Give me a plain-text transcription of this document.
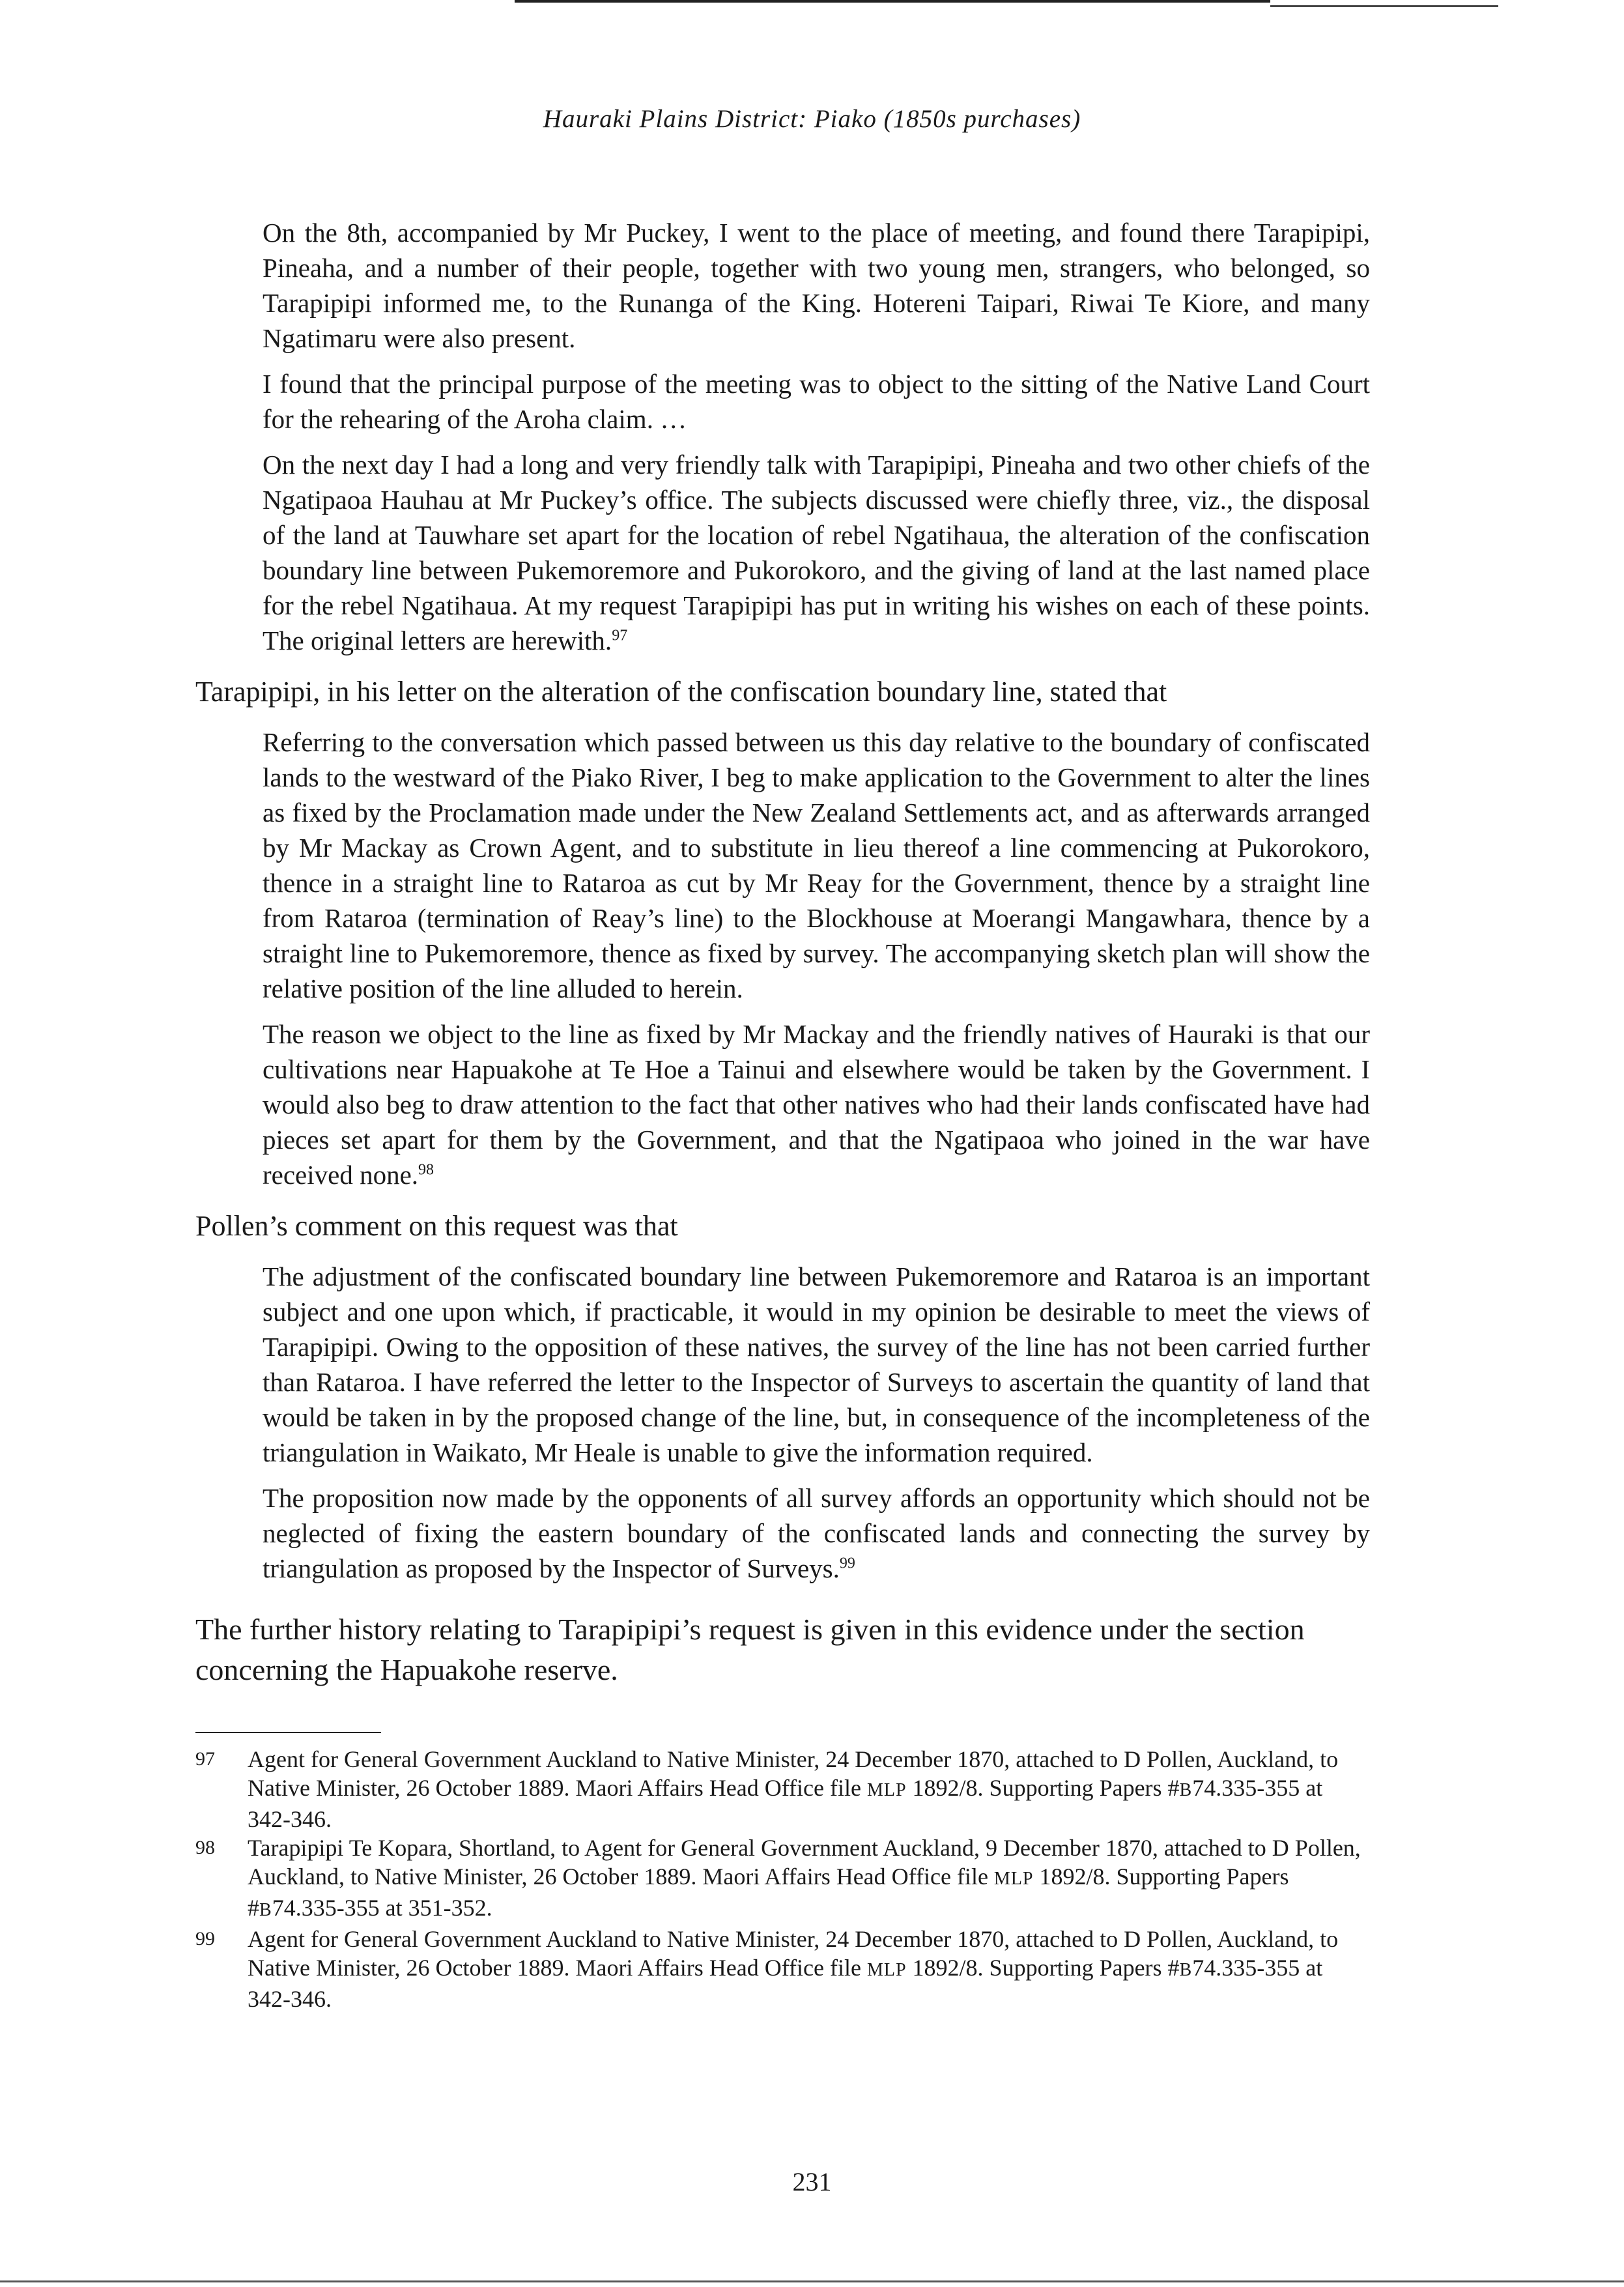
Hauraki Plains District: Piako (1850s purchases)

On the 8th, accompanied by Mr Puckey, I went to the place of meeting, and found there Tarapipipi, Pineaha, and a number of their people, together with two young men, strangers, who belonged, so Tarapipipi informed me, to the Runanga of the King. Hotereni Taipari, Riwai Te Kiore, and many Ngatimaru were also present.

I found that the principal purpose of the meeting was to object to the sitting of the Native Land Court for the rehearing of the Aroha claim. …

On the next day I had a long and very friendly talk with Tarapipipi, Pineaha and two other chiefs of the Ngatipaoa Hauhau at Mr Puckey’s office. The subjects discussed were chiefly three, viz., the disposal of the land at Tauwhare set apart for the location of rebel Ngatihaua, the alteration of the confiscation boundary line between Pukemoremore and Pukorokoro, and the giving of land at the last named place for the rebel Ngatihaua. At my request Tarapipipi has put in writing his wishes on each of these points. The original letters are herewith.$^{97}$

Tarapipipi, in his letter on the alteration of the confiscation boundary line, stated that

Referring to the conversation which passed between us this day relative to the boundary of confiscated lands to the westward of the Piako River, I beg to make application to the Government to alter the lines as fixed by the Proclamation made under the New Zealand Settlements act, and as afterwards arranged by Mr Mackay as Crown Agent, and to substitute in lieu thereof a line commencing at Pukorokoro, thence in a straight line to Rataroa as cut by Mr Reay for the Government, thence by a straight line from Rataroa (termination of Reay’s line) to the Blockhouse at Moerangi Mangawhara, thence by a straight line to Pukemoremore, thence as fixed by survey. The accompanying sketch plan will show the relative position of the line alluded to herein.

The reason we object to the line as fixed by Mr Mackay and the friendly natives of Hauraki is that our cultivations near Hapuakohe at Te Hoe a Tainui and elsewhere would be taken by the Government. I would also beg to draw attention to the fact that other natives who had their lands confiscated have had pieces set apart for them by the Government, and that the Ngatipaoa who joined in the war have received none.$^{98}$

Pollen’s comment on this request was that

The adjustment of the confiscated boundary line between Pukemoremore and Rataroa is an important subject and one upon which, if practicable, it would in my opinion be desirable to meet the views of Tarapipipi. Owing to the opposition of these natives, the survey of the line has not been carried further than Rataroa. I have referred the letter to the Inspector of Surveys to ascertain the quantity of land that would be taken in by the proposed change of the line, but, in consequence of the incompleteness of the triangulation in Waikato, Mr Heale is unable to give the information required.

The proposition now made by the opponents of all survey affords an opportunity which should not be neglected of fixing the eastern boundary of the confiscated lands and connecting the survey by triangulation as proposed by the Inspector of Surveys.$^{99}$

The further history relating to Tarapipipi’s request is given in this evidence under the section concerning the Hapuakohe reserve.
97	Agent for General Government Auckland to Native Minister, 24 December 1870, attached to D Pollen, Auckland, to Native Minister, 26 October 1889. Maori Affairs Head Office file MLP 1892/8. Supporting Papers #B74.335-355 at 342-346.
98	Tarapipipi Te Kopara, Shortland, to Agent for General Government Auckland, 9 December 1870, attached to D Pollen, Auckland, to Native Minister, 26 October 1889. Maori Affairs Head Office file MLP 1892/8. Supporting Papers #B74.335-355 at 351-352.
99	Agent for General Government Auckland to Native Minister, 24 December 1870, attached to D Pollen, Auckland, to Native Minister, 26 October 1889. Maori Affairs Head Office file MLP 1892/8. Supporting Papers #B74.335-355 at 342-346.
231
